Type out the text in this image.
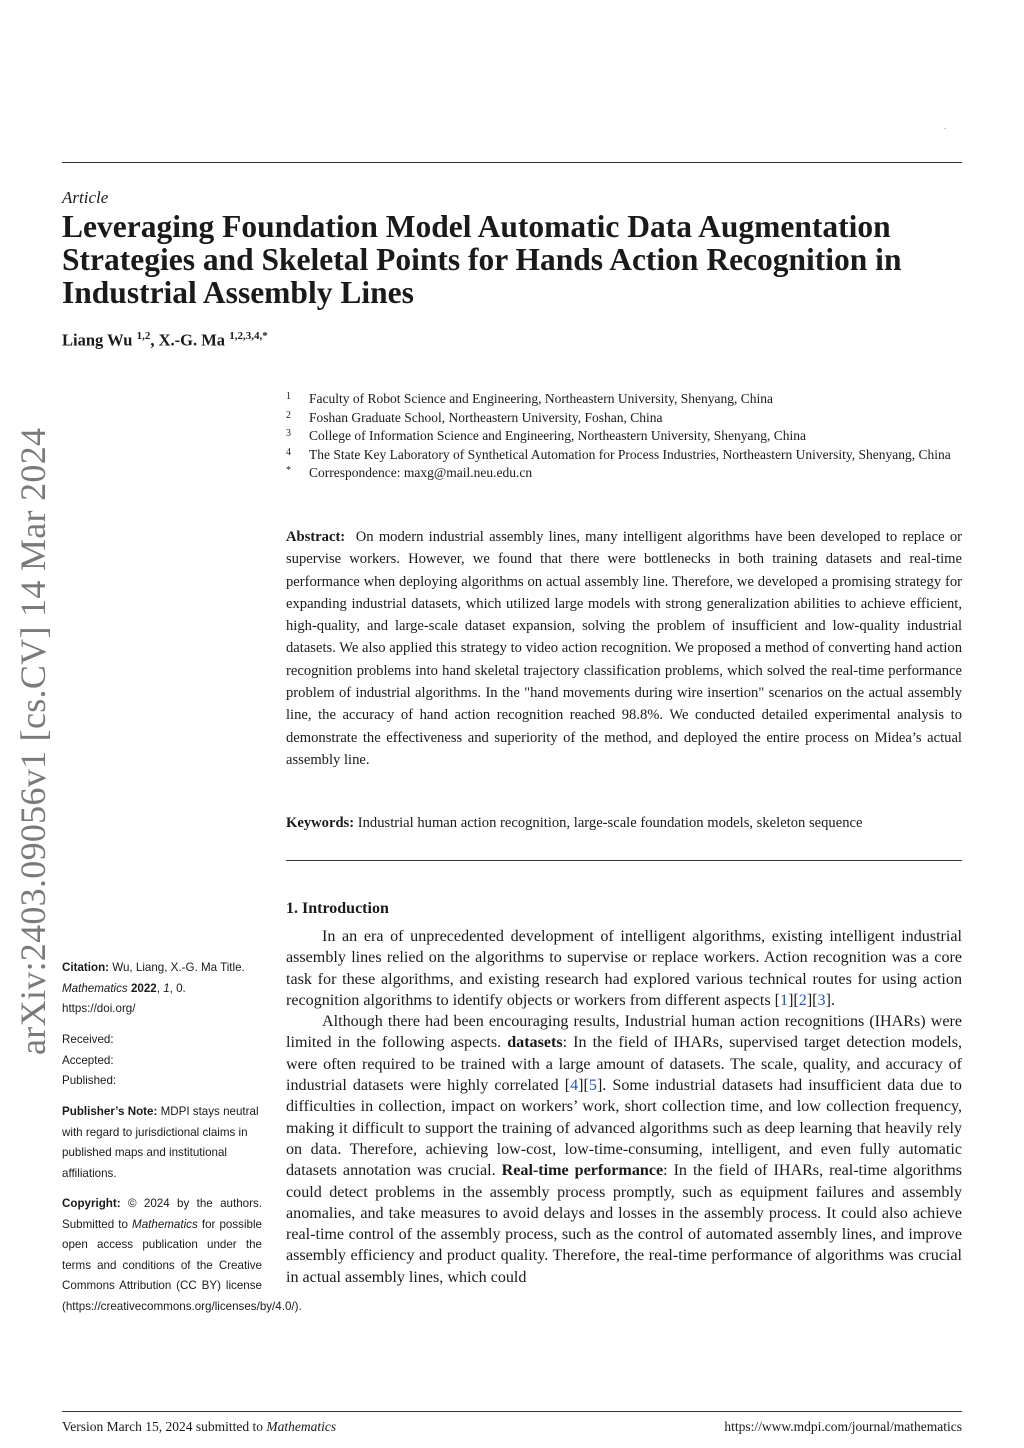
-
Article
Leveraging Foundation Model Automatic Data Augmentation
Strategies and Skeletal Points for Hands Action Recognition in
Industrial Assembly Lines
Liang Wu $^{1,2}$, X.-G. Ma $^{1,2,3,4,*}$
arXiv:2403.09056v1 [cs.CV] 14 Mar 2024
1	Faculty of Robot Science and Engineering, Northeastern University, Shenyang, China
2	Foshan Graduate School, Northeastern University, Foshan, China
3	College of Information Science and Engineering, Northeastern University, Shenyang, China
4	The State Key Laboratory of Synthetical Automation for Process Industries, Northeastern University, Shenyang, China
*	Correspondence: maxg@mail.neu.edu.cn
Abstract: On modern industrial assembly lines, many intelligent algorithms have been developed to replace or supervise workers. However, we found that there were bottlenecks in both training datasets and real-time performance when deploying algorithms on actual assembly line. Therefore, we developed a promising strategy for expanding industrial datasets, which utilized large models with strong generalization abilities to achieve efficient, high-quality, and large-scale dataset expansion, solving the problem of insufficient and low-quality industrial datasets. We also applied this strategy to video action recognition. We proposed a method of converting hand action recognition problems into hand skeletal trajectory classification problems, which solved the real-time performance problem of industrial algorithms. In the "hand movements during wire insertion" scenarios on the actual assembly line, the accuracy of hand action recognition reached 98.8%. We conducted detailed experimental analysis to demonstrate the effectiveness and superiority of the method, and deployed the entire process on Midea’s actual assembly line.
Keywords: Industrial human action recognition, large-scale foundation models, skeleton sequence
1. Introduction

In an era of unprecedented development of intelligent algorithms, existing intelligent industrial assembly lines relied on the algorithms to supervise or replace workers. Action recognition was a core task for these algorithms, and existing research had explored various technical routes for using action recognition algorithms to identify objects or workers from different aspects [1][2][3].

Although there had been encouraging results, Industrial human action recognitions (IHARs) were limited in the following aspects. datasets: In the field of IHARs, supervised target detection models, were often required to be trained with a large amount of datasets. The scale, quality, and accuracy of industrial datasets were highly correlated [4][5]. Some industrial datasets had insufficient data due to difficulties in collection, impact on workers’ work, short collection time, and low collection frequency, making it difficult to support the training of advanced algorithms such as deep learning that heavily rely on data. Therefore, achieving low-cost, low-time-consuming, intelligent, and even fully automatic datasets annotation was crucial. Real-time performance: In the field of IHARs, real-time algorithms could detect problems in the assembly process promptly, such as equipment failures and assembly anomalies, and take measures to avoid delays and losses in the assembly process. It could also achieve real-time control of the assembly process, such as the control of automated assembly lines, and improve assembly efficiency and product quality. Therefore, the real-time performance of algorithms was crucial in actual assembly lines, which could

Citation: Wu, Liang, X.-G. Ma Title.
Mathematics 2022, 1, 0.
https://doi.org/
Received:
Accepted:
Published:
Publisher’s Note: MDPI stays neutral with regard to jurisdictional claims in published maps and institutional affiliations.
Copyright: © 2024 by the authors. Submitted to Mathematics for possible open access publication under the terms and conditions of the Creative Commons Attribution (CC BY) license (https://creativecommons.org/licenses/by/4.0/).
Version March 15, 2024 submitted to Mathematics	https://www.mdpi.com/journal/mathematics
